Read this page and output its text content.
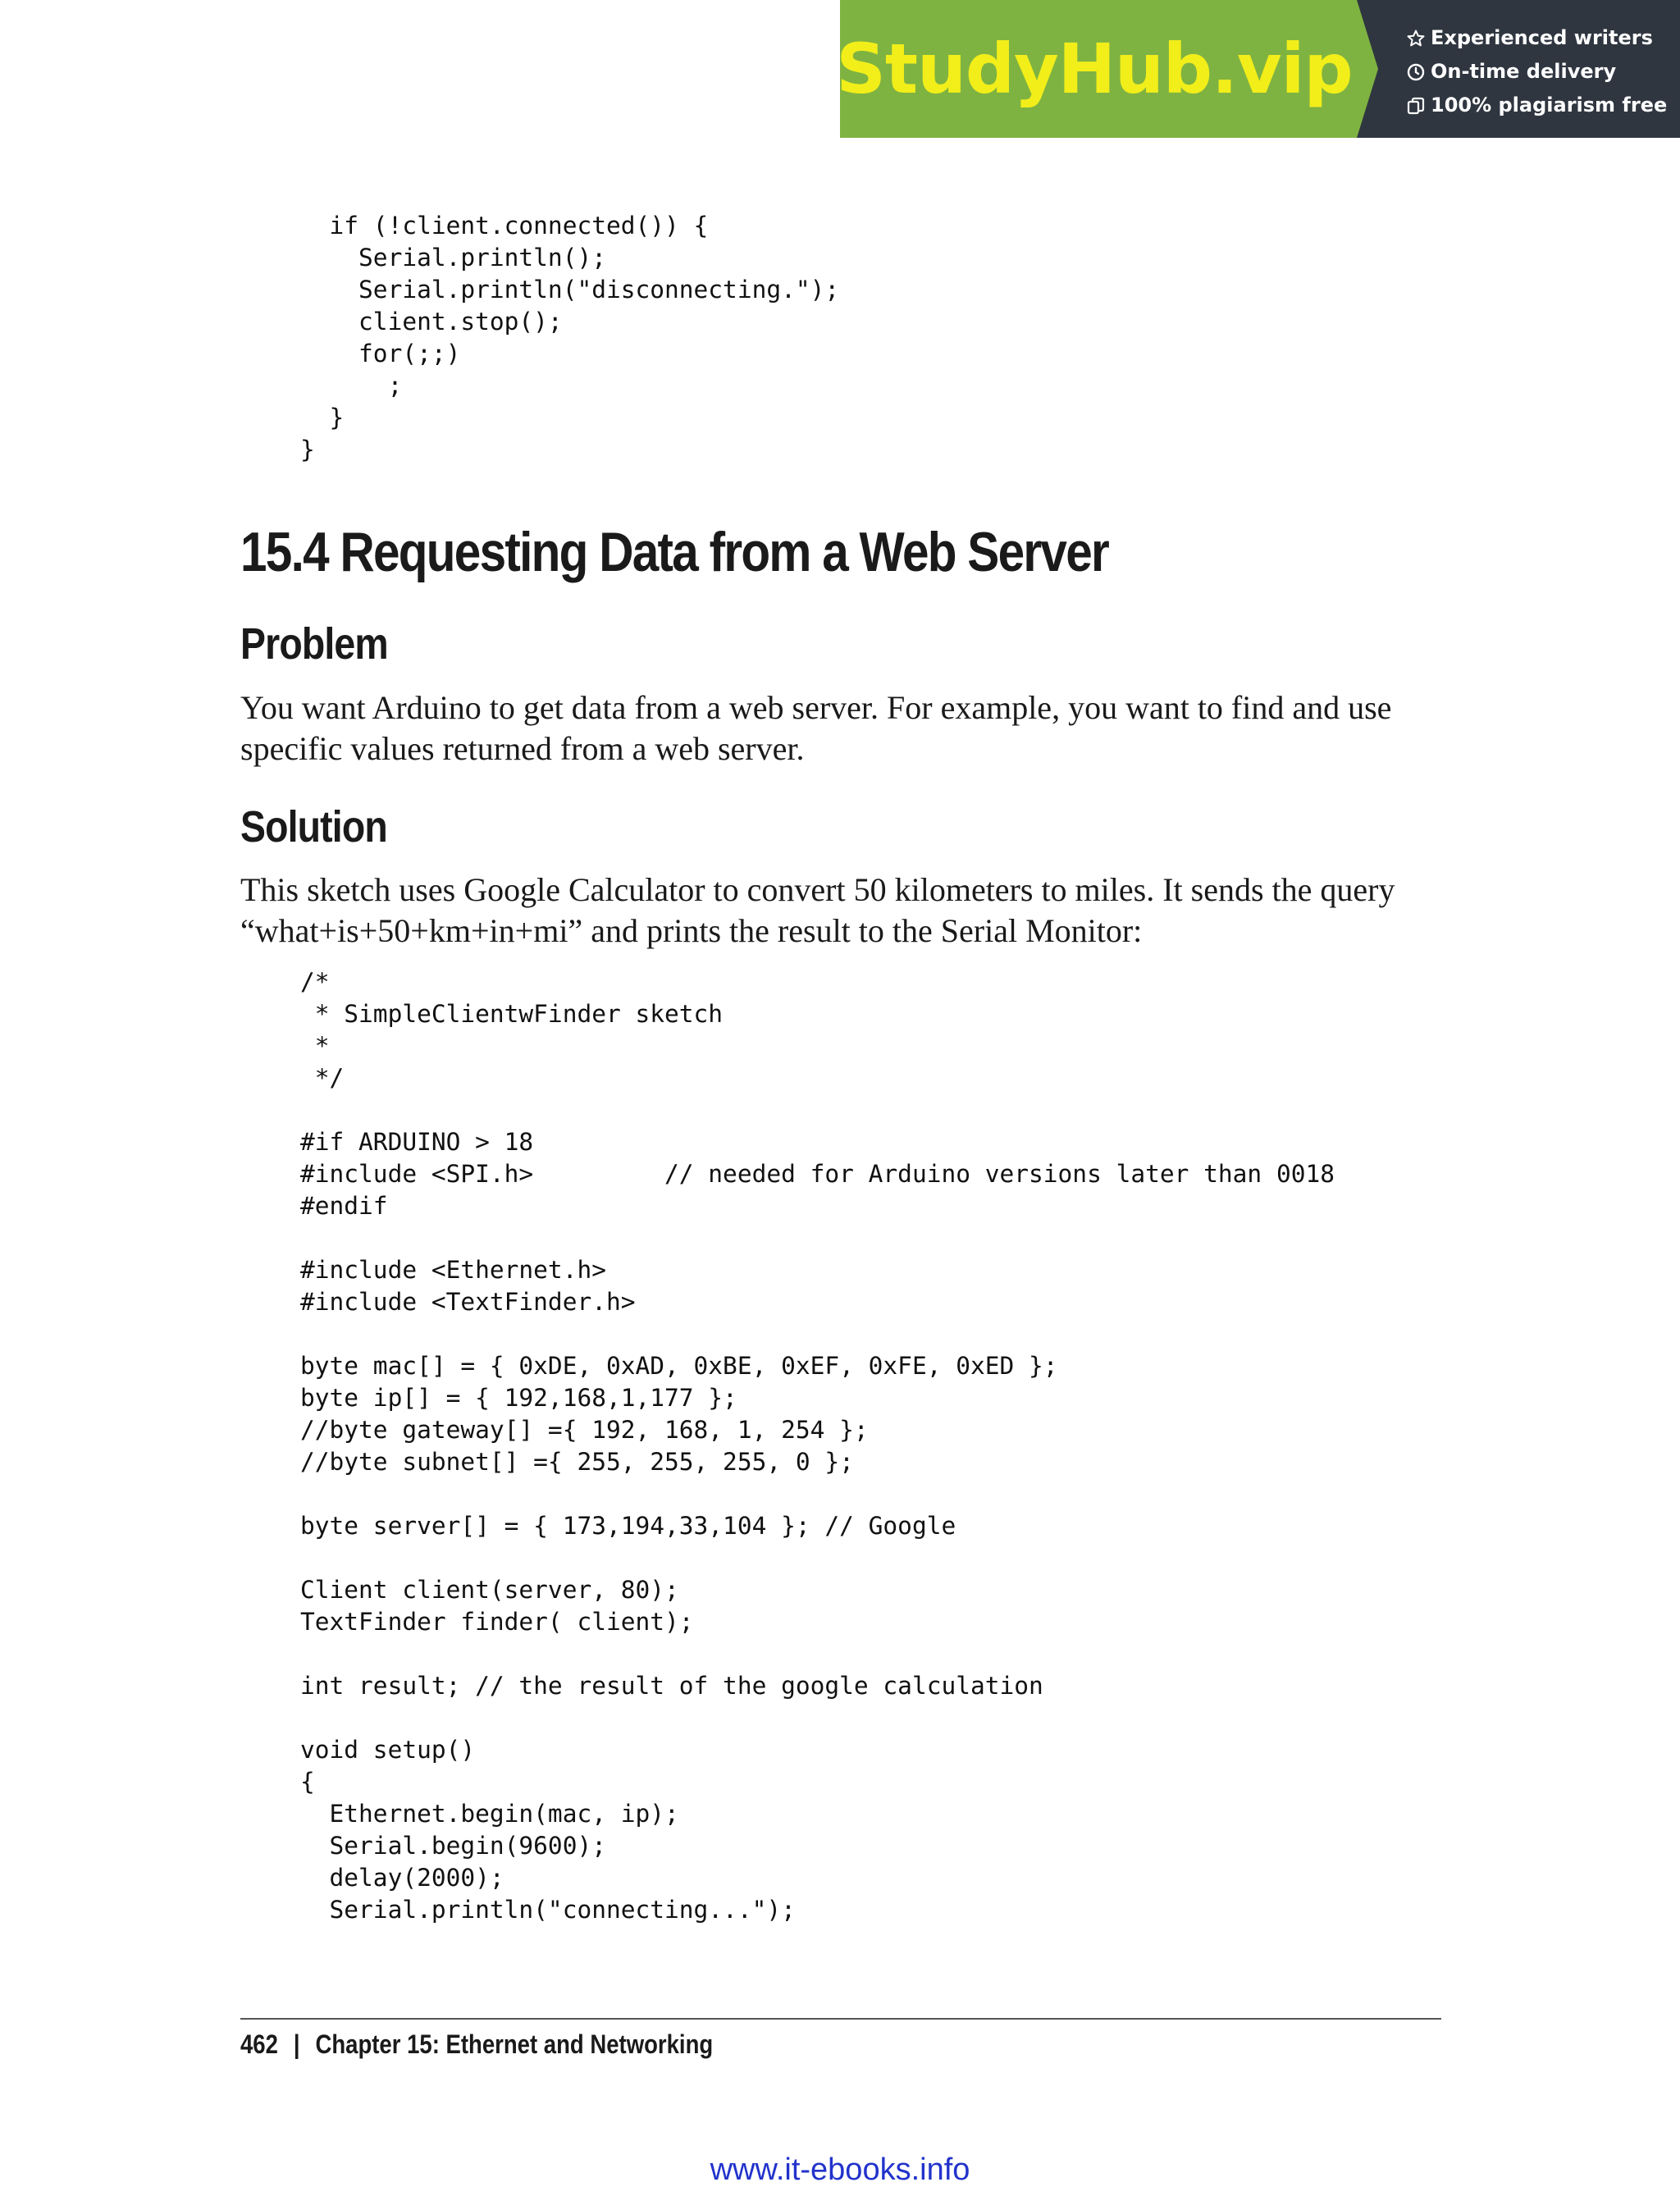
StudyHub.vip	Experienced writers
On-time delivery
100% plagiarism free
if (!client.connected()) {
Serial.println();
Serial.println("disconnecting.");
client.stop();
for(;;)
;
}
}
15.4 Requesting Data from a Web Server
Problem

You want Arduino to get data from a web server. For example, you want to find and use specific values returned from a web server.

Solution

This sketch uses Google Calculator to convert 50 kilometers to miles. It sends the query “what+is+50+km+in+mi” and prints the result to the Serial Monitor:

/*
* SimpleClientwFinder sketch
*
*/

#if ARDUINO > 18
#include <SPI.h>         // needed for Arduino versions later than 0018
#endif

#include <Ethernet.h>
#include <TextFinder.h>

byte mac[] = { 0xDE, 0xAD, 0xBE, 0xEF, 0xFE, 0xED };
byte ip[] = { 192,168,1,177 };
//byte gateway[] ={ 192, 168, 1, 254 };
//byte subnet[] ={ 255, 255, 255, 0 };

byte server[] = { 173,194,33,104 }; // Google

Client client(server, 80);
TextFinder finder( client);

int result; // the result of the google calculation

void setup()
{
Ethernet.begin(mac, ip);
Serial.begin(9600);
delay(2000);
Serial.println("connecting...");
462 | Chapter 15: Ethernet and Networking
www.it-ebooks.info
